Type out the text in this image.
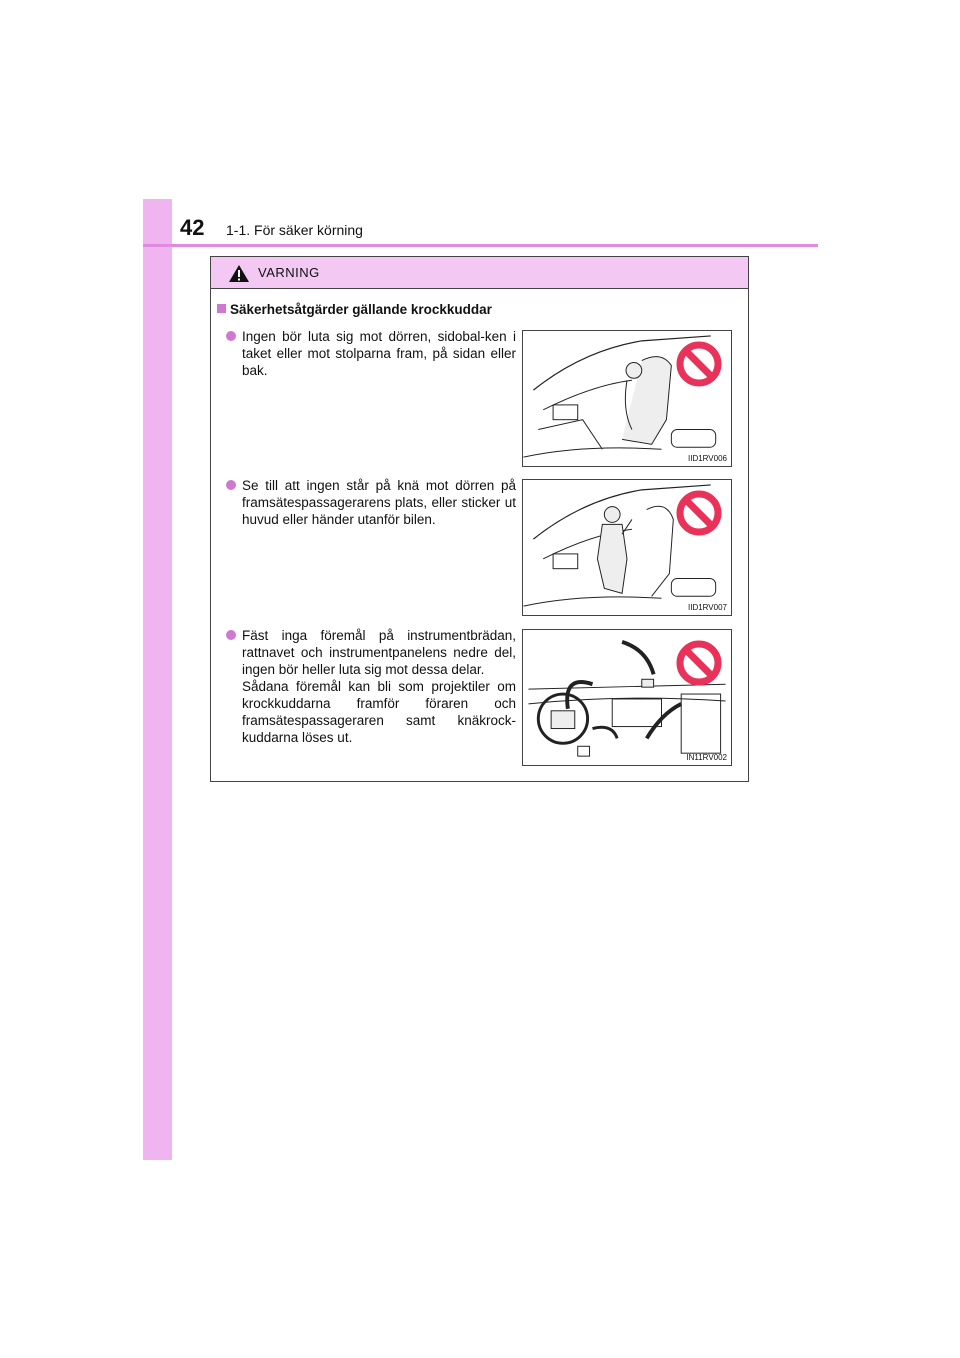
42 1-1. För säker körning
VARNING
Säkerhetsåtgärder gällande krockkuddar

Ingen bör luta sig mot dörren, sidobal-ken i taket eller mot stolparna fram, på sidan eller bak.

IID1RV006

Se till att ingen står på knä mot dörren på framsätespassagerarens plats, eller sticker ut huvud eller händer utanför bilen.

IID1RV007

Fäst inga föremål på instrumentbrädan, rattnavet och instrumentpanelens nedre del, ingen bör heller luta sig mot dessa delar.

Sådana föremål kan bli som projektiler om krockkuddarna framför föraren och framsätespassageraren samt knäkrock-kuddarna löses ut.

IN11RV002
